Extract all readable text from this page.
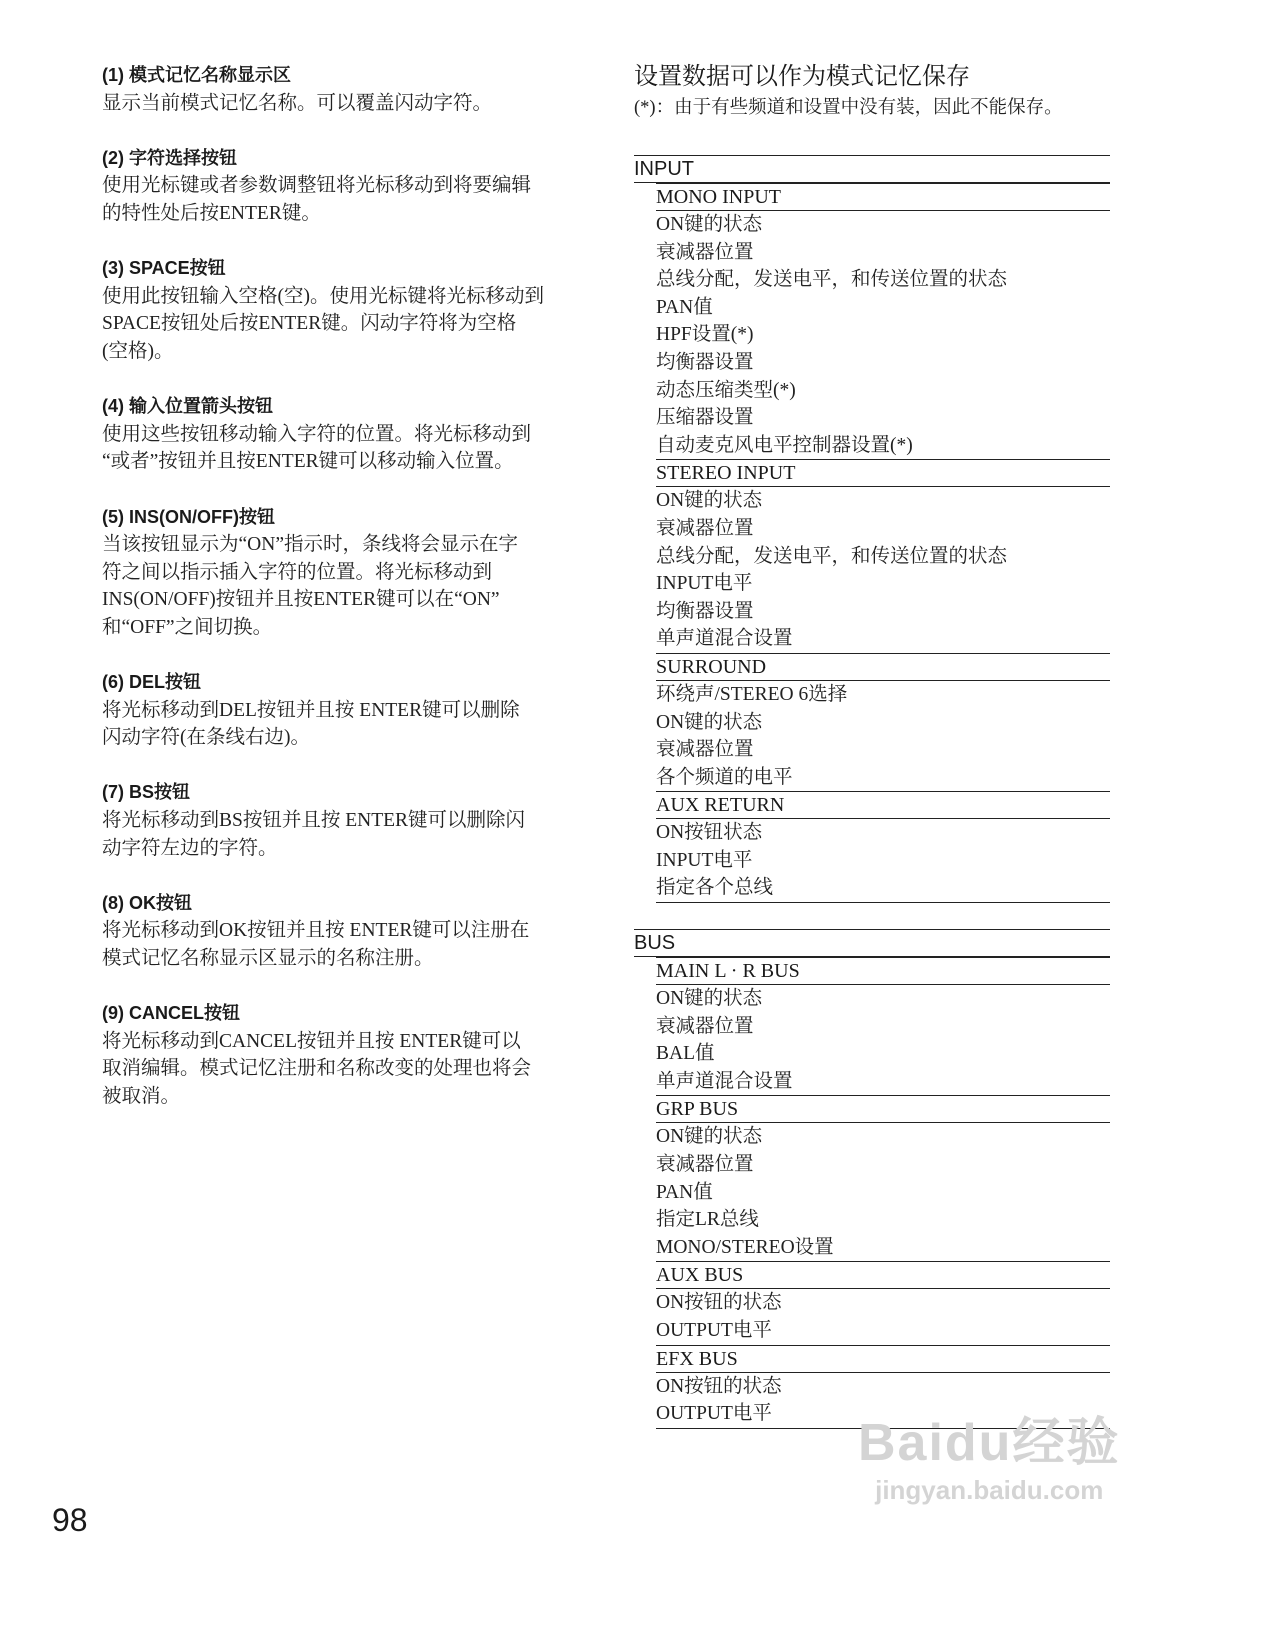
(1) 模式记忆名称显示区
显示当前模式记忆名称。可以覆盖闪动字符。
(2) 字符选择按钮
使用光标键或者参数调整钮将光标移动到将要编辑
的特性处后按ENTER键。
(3) SPACE按钮
使用此按钮输入空格(空)。使用光标键将光标移动到
SPACE按钮处后按ENTER键。闪动字符将为空格
(空格)。
(4) 输入位置箭头按钮
使用这些按钮移动输入字符的位置。将光标移动到
“或者”按钮并且按ENTER键可以移动输入位置。
(5) INS(ON/OFF)按钮
当该按钮显示为“ON”指示时，条线将会显示在字
符之间以指示插入字符的位置。将光标移动到
INS(ON/OFF)按钮并且按ENTER键可以在“ON”
和“OFF”之间切换。
(6) DEL按钮
将光标移动到DEL按钮并且按 ENTER键可以删除
闪动字符(在条线右边)。
(7) BS按钮
将光标移动到BS按钮并且按 ENTER键可以删除闪
动字符左边的字符。
(8) OK按钮
将光标移动到OK按钮并且按 ENTER键可以注册在
模式记忆名称显示区显示的名称注册。
(9) CANCEL按钮
将光标移动到CANCEL按钮并且按 ENTER键可以
取消编辑。模式记忆注册和名称改变的处理也将会
被取消。
设置数据可以作为模式记忆保存
(*)：由于有些频道和设置中没有装，因此不能保存。
INPUT
MONO INPUT
ON键的状态
衰减器位置
总线分配，发送电平，和传送位置的状态
PAN值
HPF设置(*)
均衡器设置
动态压缩类型(*)
压缩器设置
自动麦克风电平控制器设置(*)
STEREO INPUT
ON键的状态
衰减器位置
总线分配，发送电平，和传送位置的状态
INPUT电平
均衡器设置
单声道混合设置
SURROUND
环绕声/STEREO 6选择
ON键的状态
衰减器位置
各个频道的电平
AUX RETURN
ON按钮状态
INPUT电平
指定各个总线
BUS
MAIN L · R BUS
ON键的状态
衰减器位置
BAL值
单声道混合设置
GRP BUS
ON键的状态
衰减器位置
PAN值
指定LR总线
MONO/STEREO设置
AUX BUS
ON按钮的状态
OUTPUT电平
EFX BUS
ON按钮的状态
OUTPUT电平
98
Baidu经验
jingyan.baidu.com
